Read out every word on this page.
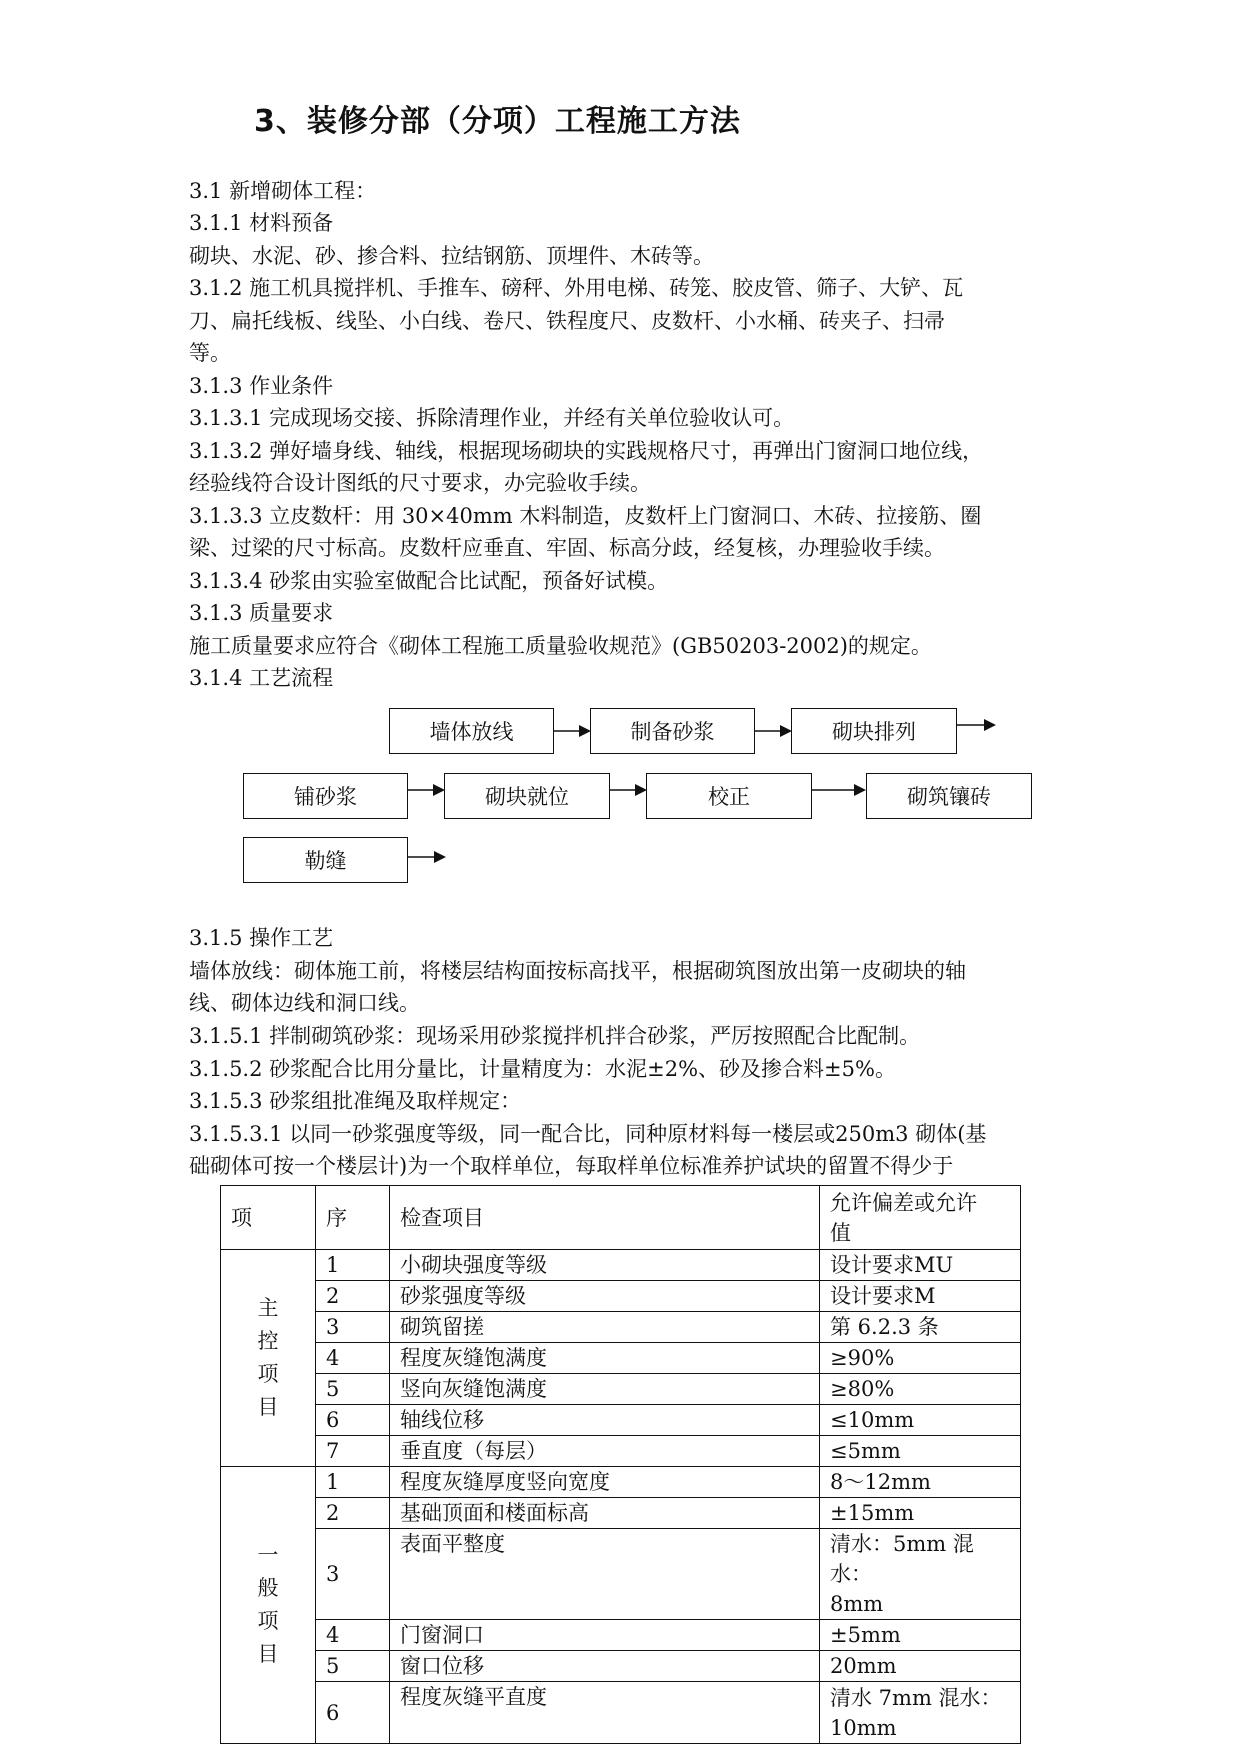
3、装修分部（分项）工程施工方法
3.1 新增砌体工程：
3.1.1 材料预备
砌块、水泥、砂、掺合料、拉结钢筋、顶埋件、木砖等。
3.1.2 施工机具搅拌机、手推车、磅秤、外用电梯、砖笼、胶皮管、筛子、大铲、瓦
刀、扁托线板、线坠、小白线、卷尺、铁程度尺、皮数杆、小水桶、砖夹子、扫帚
等。
3.1.3 作业条件
3.1.3.1 完成现场交接、拆除清理作业，并经有关单位验收认可。
3.1.3.2 弹好墙身线、轴线，根据现场砌块的实践规格尺寸，再弹出门窗洞口地位线，
经验线符合设计图纸的尺寸要求，办完验收手续。
3.1.3.3 立皮数杆：用 30×40mm 木料制造，皮数杆上门窗洞口、木砖、拉接筋、圈
梁、过梁的尺寸标高。皮数杆应垂直、牢固、标高分歧，经复核，办理验收手续。
3.1.3.4 砂浆由实验室做配合比试配，预备好试模。
3.1.3 质量要求
施工质量要求应符合《砌体工程施工质量验收规范》(GB50203-2002)的规定。
3.1.4 工艺流程
墙体放线	制备砂浆	砌块排列
铺砂浆	砌块就位	校正	砌筑镶砖
勒缝
3.1.5 操作工艺
墙体放线：砌体施工前，将楼层结构面按标高找平，根据砌筑图放出第一皮砌块的轴
线、砌体边线和洞口线。
3.1.5.1 拌制砌筑砂浆：现场采用砂浆搅拌机拌合砂浆，严厉按照配合比配制。
3.1.5.2 砂浆配合比用分量比，计量精度为：水泥±2%、砂及掺合料±5%。
3.1.5.3 砂浆组批准绳及取样规定：
3.1.5.3.1 以同一砂浆强度等级，同一配合比，同种原材料每一楼层或250m3 砌体(基
础砌体可按一个楼层计)为一个取样单位，每取样单位标准养护试块的留置不得少于
项	序	检查项目	允许偏差或允许
值
主
控
项
目	1	小砌块强度等级	设计要求MU
	2	砂浆强度等级	设计要求M
	3	砌筑留搓	第 6.2.3 条
	4	程度灰缝饱满度	≥90%
	5	竖向灰缝饱满度	≥80%
	6	轴线位移	≤10mm
	7	垂直度（每层）	≤5mm
一
般
项
目	1	程度灰缝厚度竖向宽度	8～12mm
	2	基础顶面和楼面标高	±15mm
	3	表面平整度	清水：5mm 混水：
8mm
	4	门窗洞口	±5mm
	5	窗口位移	20mm
	6	程度灰缝平直度	清水 7mm 混水：
10mm
